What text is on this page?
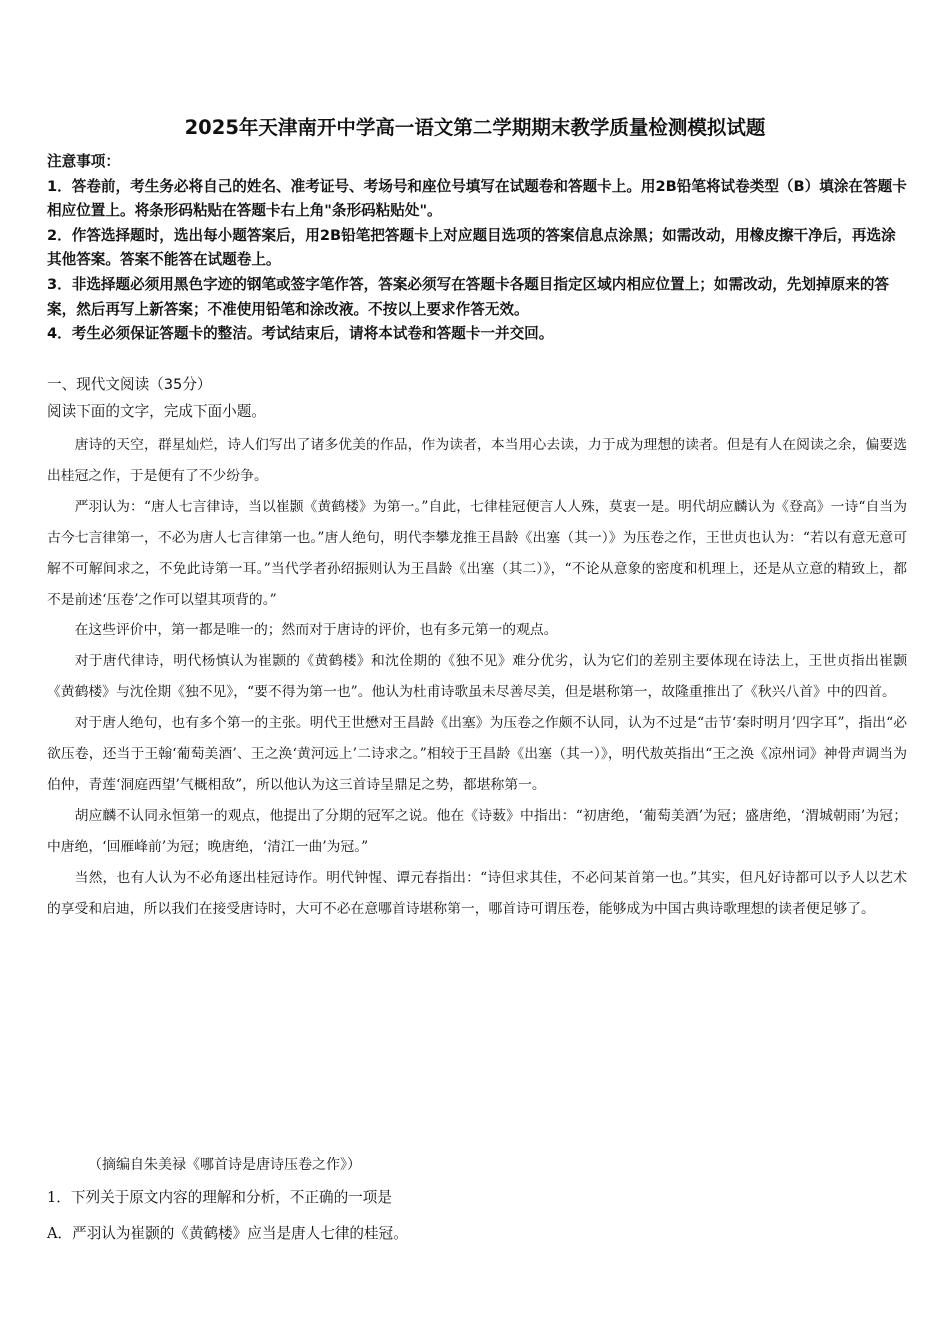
2025年天津南开中学高一语文第二学期期末教学质量检测模拟试题
注意事项：
1．答卷前，考生务必将自己的姓名、准考证号、考场号和座位号填写在试题卷和答题卡上。用2B铅笔将试卷类型（B）填涂在答题卡相应位置上。将条形码粘贴在答题卡右上角"条形码粘贴处"。
2．作答选择题时，选出每小题答案后，用2B铅笔把答题卡上对应题目选项的答案信息点涂黑；如需改动，用橡皮擦干净后，再选涂其他答案。答案不能答在试题卷上。
3．非选择题必须用黑色字迹的钢笔或签字笔作答，答案必须写在答题卡各题目指定区域内相应位置上；如需改动，先划掉原来的答案，然后再写上新答案；不准使用铅笔和涂改液。不按以上要求作答无效。
4．考生必须保证答题卡的整洁。考试结束后，请将本试卷和答题卡一并交回。
一、现代文阅读（35分）
阅读下面的文字，完成下面小题。

唐诗的天空，群星灿烂，诗人们写出了诸多优美的作品，作为读者，本当用心去读，力于成为理想的读者。但是有人在阅读之余，偏要选出桂冠之作，于是便有了不少纷争。

严羽认为：“唐人七言律诗，当以崔颢《黄鹤楼》为第一。”自此，七律桂冠便言人人殊，莫衷一是。明代胡应麟认为《登高》一诗“自当为古今七言律第一，不必为唐人七言律第一也。”唐人绝句，明代李攀龙推王昌龄《出塞（其一）》为压卷之作，王世贞也认为：“若以有意无意可解不可解间求之，不免此诗第一耳。”当代学者孙绍振则认为王昌龄《出塞（其二）》，“不论从意象的密度和机理上，还是从立意的精致上，都不是前述‘压卷’之作可以望其项背的。”

在这些评价中，第一都是唯一的；然而对于唐诗的评价，也有多元第一的观点。

对于唐代律诗，明代杨慎认为崔颢的《黄鹤楼》和沈佺期的《独不见》难分优劣，认为它们的差别主要体现在诗法上，王世贞指出崔颢《黄鹤楼》与沈佺期《独不见》，“要不得为第一也”。他认为杜甫诗歌虽未尽善尽美，但是堪称第一，故隆重推出了《秋兴八首》中的四首。

对于唐人绝句，也有多个第一的主张。明代王世懋对王昌龄《出塞》为压卷之作颇不认同，认为不过是“击节‘秦时明月’四字耳”，指出“必欲压卷，还当于王翰‘葡萄美酒’、王之涣‘黄河远上’二诗求之。”相较于王昌龄《出塞（其一）》，明代敖英指出“王之涣《凉州词》神骨声调当为伯仲，青莲‘洞庭西望’气概相敌”，所以他认为这三首诗呈鼎足之势，都堪称第一。

胡应麟不认同永恒第一的观点，他提出了分期的冠军之说。他在《诗薮》中指出：“初唐绝，‘葡萄美酒’为冠；盛唐绝，‘渭城朝雨’为冠；中唐绝，‘回雁峰前’为冠；晚唐绝，‘清江一曲’为冠。”

当然，也有人认为不必角逐出桂冠诗作。明代钟惺、谭元春指出：“诗但求其佳，不必问某首第一也。”其实，但凡好诗都可以予人以艺术的享受和启迪，所以我们在接受唐诗时，大可不必在意哪首诗堪称第一，哪首诗可谓压卷，能够成为中国古典诗歌理想的读者便足够了。

（摘编自朱美禄《哪首诗是唐诗压卷之作》）
1．下列关于原文内容的理解和分析，不正确的一项是
A．严羽认为崔颢的《黄鹤楼》应当是唐人七律的桂冠。
